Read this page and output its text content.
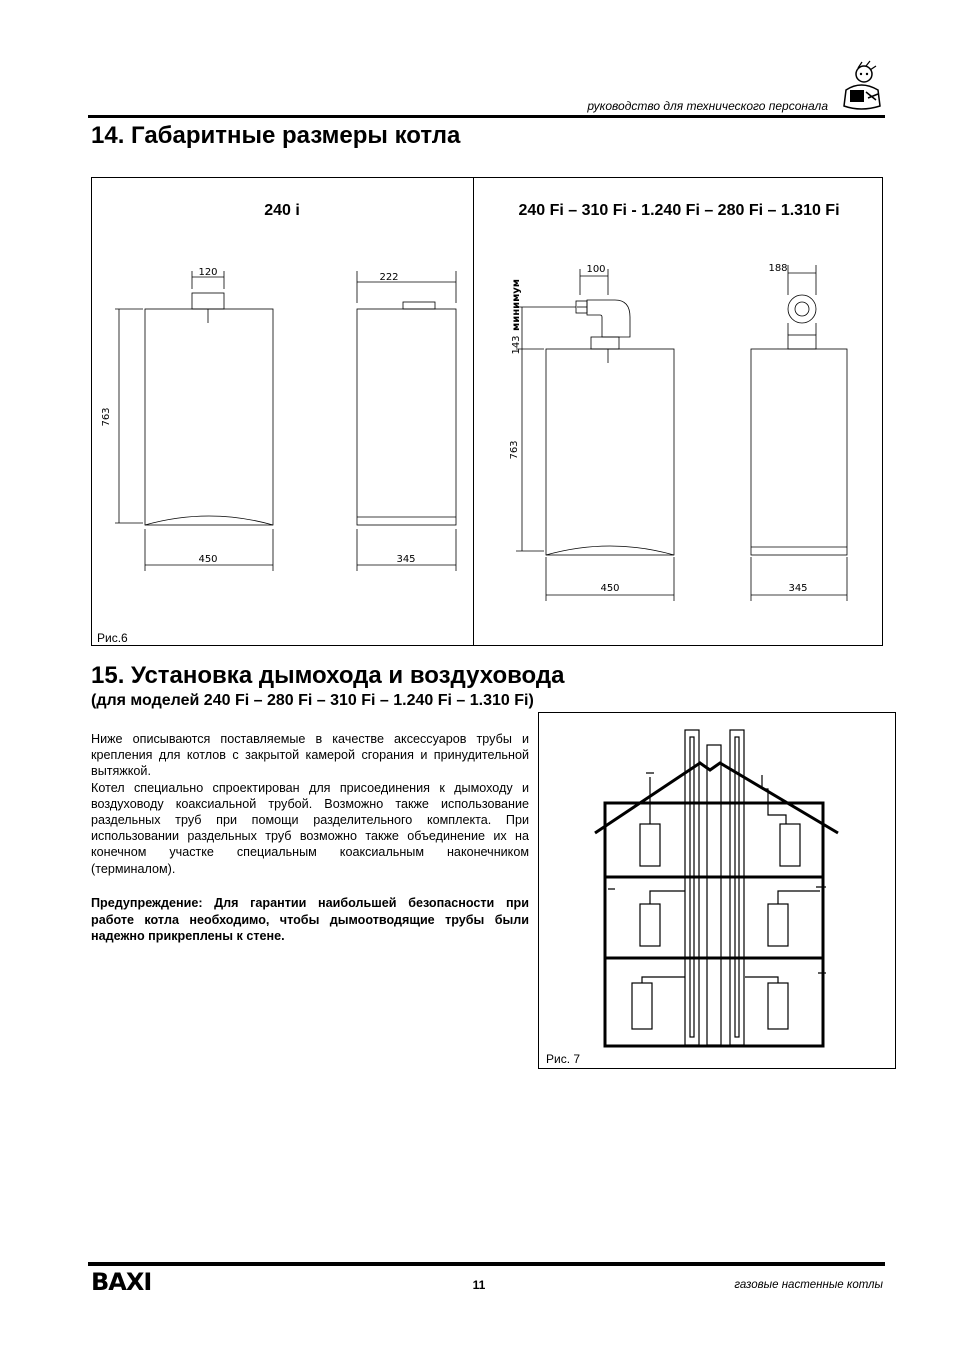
руководство для технического персонала
14. Габаритные размеры котла
240 i	240 Fi – 310 Fi - 1.240 Fi – 280 Fi – 1.310 Fi
120	222
763
450	345
100	188
143
минимум
763
450	345
Рис.6
15. Установка дымохода и воздуховода
(для моделей 240 Fi – 280 Fi – 310 Fi – 1.240 Fi – 1.310 Fi)

Ниже описываются поставляемые в качестве аксессуаров трубы и крепления для котлов с закрытой камерой сгорания и принудительной вытяжкой.

Котел специально спроектирован для присоединения к дымоходу и воздуховоду коаксиальной трубой. Возможно также использование раздельных труб при помощи разделительного комплекта. При использовании раздельных труб возможно также объединение их на конечном участке специальным коаксиальным наконечником (терминалом).

Предупреждение: Для гарантии наибольшей безопасности при работе котла необходимо, чтобы дымоотводящие трубы были надежно прикреплены к стене.
Рис. 7
BAXI	11	газовые настенные котлы
